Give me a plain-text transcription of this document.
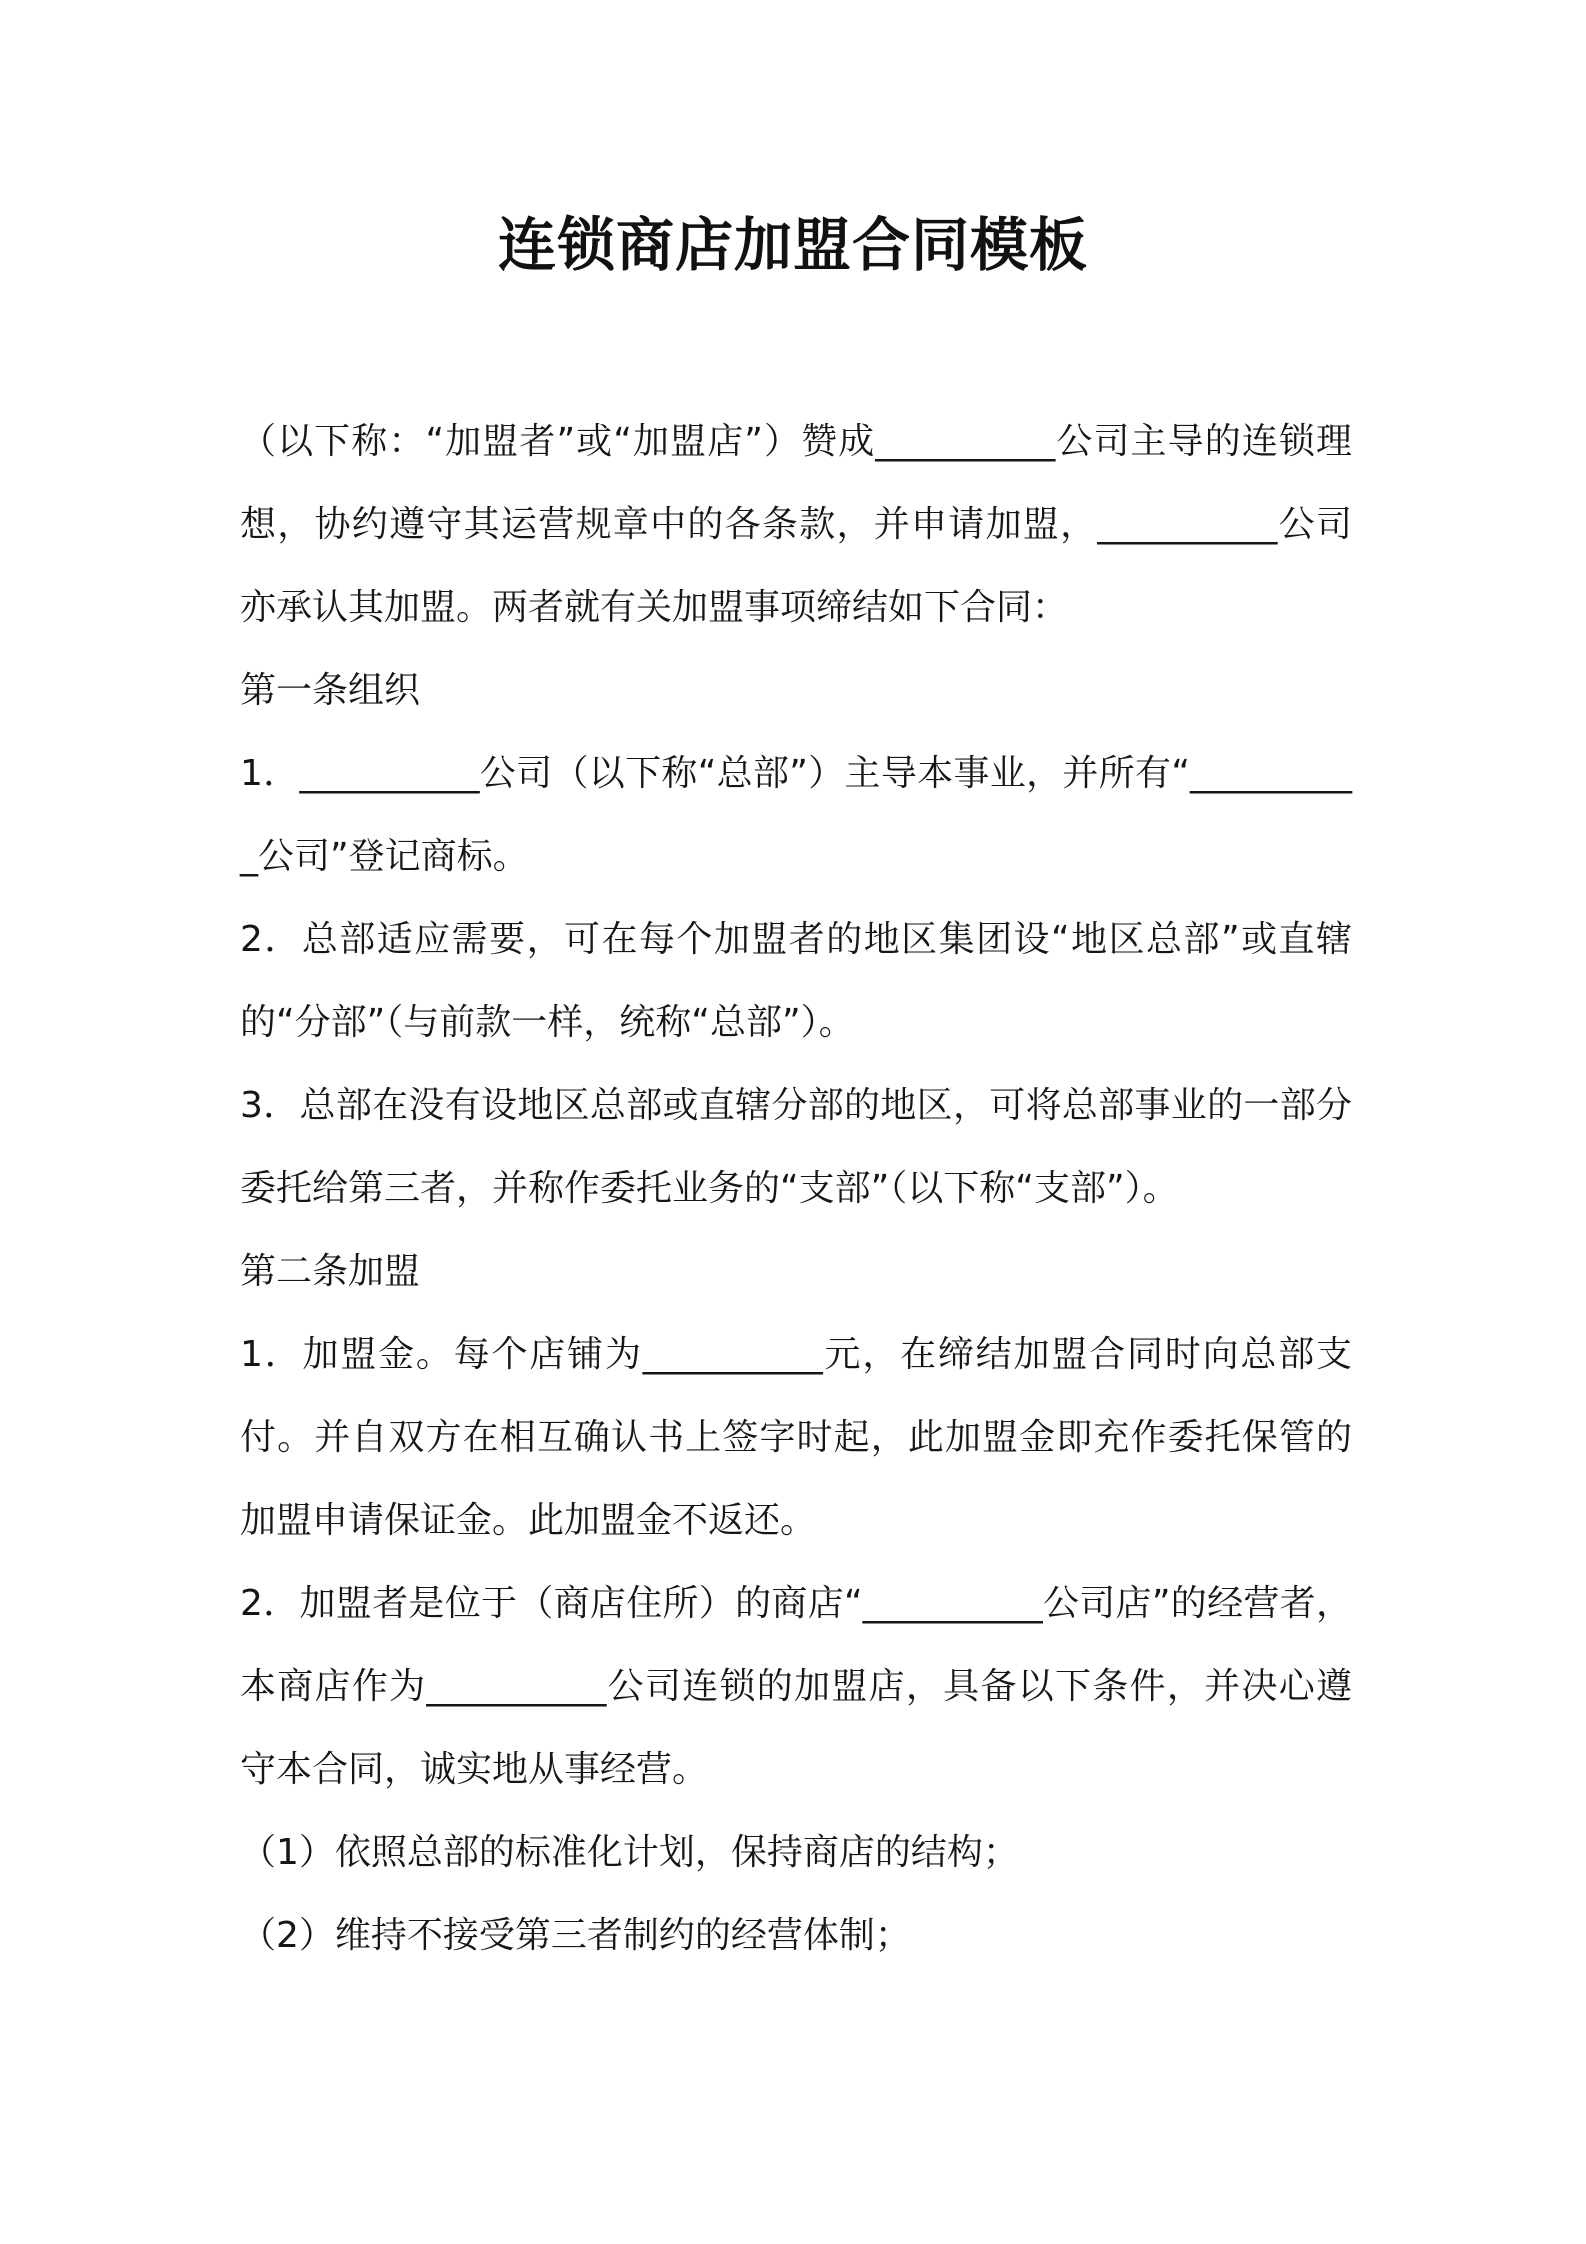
连锁商店加盟合同模板

（以下称：“加盟者”或“加盟店”）赞成__________公司主导的连锁理想，协约遵守其运营规章中的各条款，并申请加盟，__________公司亦承认其加盟。两者就有关加盟事项缔结如下合同：

第一条组织

1．__________公司（以下称“总部”）主导本事业，并所有“__________公司”登记商标。

2．总部适应需要，可在每个加盟者的地区集团设“地区总部”或直辖的“分部”（与前款一样，统称“总部”）。

3．总部在没有设地区总部或直辖分部的地区，可将总部事业的一部分委托给第三者，并称作委托业务的“支部”（以下称“支部”）。

第二条加盟

1．加盟金。每个店铺为__________元，在缔结加盟合同时向总部支付。并自双方在相互确认书上签字时起，此加盟金即充作委托保管的加盟申请保证金。此加盟金不返还。

2．加盟者是位于（商店住所）的商店“__________公司店”的经营者，本商店作为__________公司连锁的加盟店，具备以下条件，并决心遵守本合同，诚实地从事经营。

（1）依照总部的标准化计划，保持商店的结构；

（2）维持不接受第三者制约的经营体制；
